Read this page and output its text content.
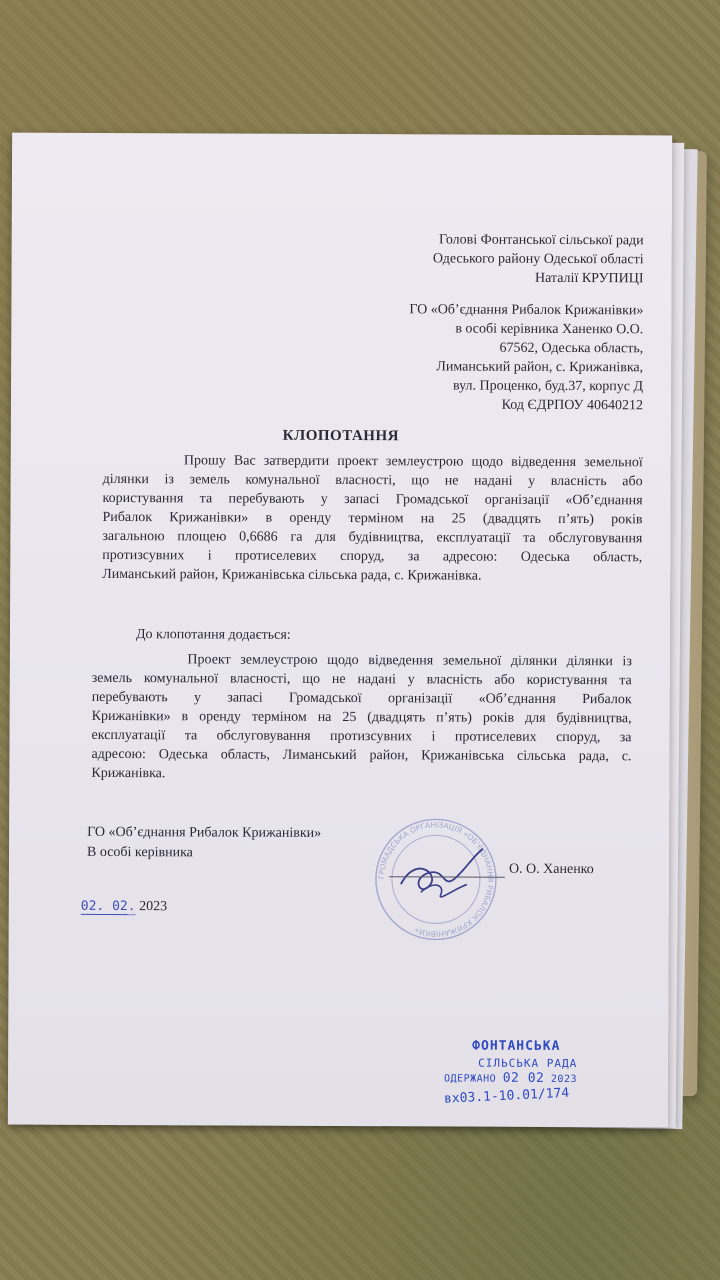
Голові Фонтанської сільської ради
Одеського району Одеської області
Наталії КРУПИЦІ
ГО «Об’єднання Рибалок Крижанівки»
в особі керівника Ханенко О.О.
67562, Одеська область,
Лиманський район, с. Крижанівка,
вул. Проценко, буд.37, корпус Д
Код ЄДРПОУ 40640212
КЛОПОТАННЯ
Прошу Вас затвердити проект землеустрою щодо відведення земельної
ділянки із земель комунальної власності, що не надані у власність або
користування та перебувають у запасі Громадської організації «Об’єднання
Рибалок Крижанівки» в оренду терміном на 25 (двадцять п’ять) років
загальною площею 0,6686 га для будівництва, експлуатації та обслуговування
протизсувних і протиселевих споруд, за адресою: Одеська область,
Лиманський район, Крижанівська сільська рада, с. Крижанівка.
До клопотання додається:
Проект землеустрою щодо відведення земельної ділянки ділянки із
земель комунальної власності, що не надані у власність або користування та
перебувають у запасі Громадської організації «Об’єднання Рибалок
Крижанівки» в оренду терміном на 25 (двадцять п’ять) років для будівництва,
експлуатації та обслуговування протизсувних і протиселевих споруд, за
адресою: Одеська область, Лиманський район, Крижанівська сільська рада, с.
Крижанівка.
ГО «Об’єднання Рибалок Крижанівки»
В особі керівника
ГРОМАДСЬКА ОРГАНІЗАЦІЯ «ОБ’ЄДНАННЯ РИБАЛОК КРИЖАНІВКИ»
О. О. Ханенко
02. 02. 2023
ФОНТАНСЬКА
СІЛЬСЬКА РАДА
ОДЕРЖАНО 02 02 2023
вх03.1-10.01/174
